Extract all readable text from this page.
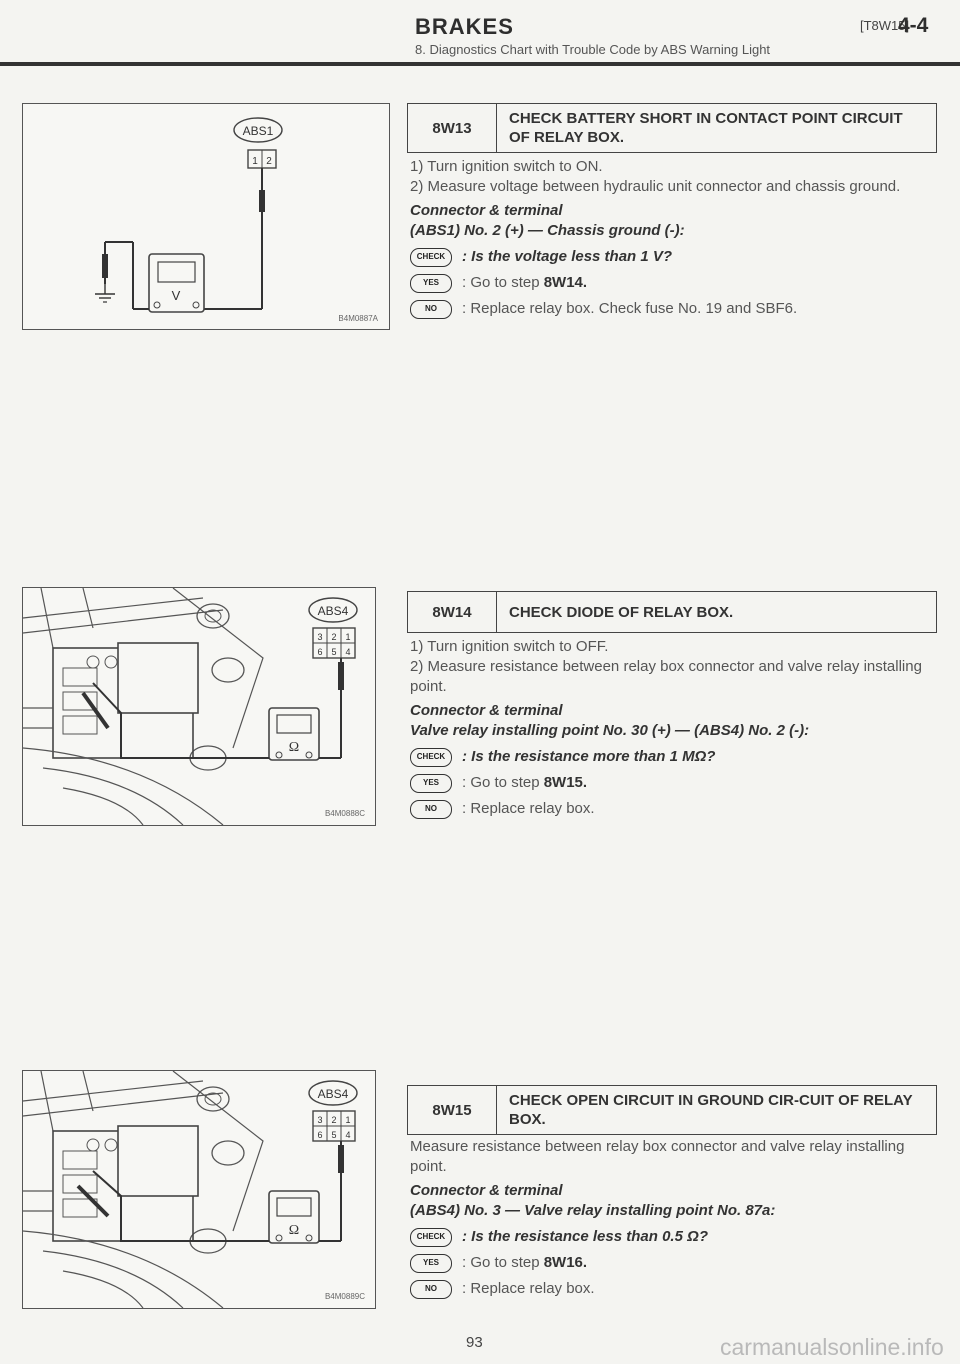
BRAKES	[T8W15]
4-4
8. Diagnostics Chart with Trouble Code by ABS Warning Light
ABS1
1 2
V
B4M0887A
8W13
CHECK BATTERY SHORT IN CONTACT POINT CIRCUIT OF RELAY BOX.

1) Turn ignition switch to ON.

2) Measure voltage between hydraulic unit connector and chassis ground.

Connector & terminal

(ABS1) No. 2 (+) — Chassis ground (-):

CHECK	: Is the voltage less than 1 V?
YES	: Go to step 8W14.
NO	: Replace relay box. Check fuse No. 19 and SBF6.
ABS4
3 2 1
6 5 4
Ω
B4M0888C
8W14	CHECK DIODE OF RELAY BOX.

1) Turn ignition switch to OFF.

2) Measure resistance between relay box connector and valve relay installing point.

Connector & terminal

Valve relay installing point No. 30 (+) — (ABS4) No. 2 (-):

CHECK	: Is the resistance more than 1 MΩ?
YES	: Go to step 8W15.
NO	: Replace relay box.
ABS4
3 2 1
6 5 4
Ω
B4M0889C
8W15
CHECK OPEN CIRCUIT IN GROUND CIR-CUIT OF RELAY BOX.

Measure resistance between relay box connector and valve relay installing point.

Connector & terminal

(ABS4) No. 3 — Valve relay installing point No. 87a:

CHECK	: Is the resistance less than 0.5 Ω?
YES	: Go to step 8W16.
NO	: Replace relay box.
93	carmanualsonline.info
